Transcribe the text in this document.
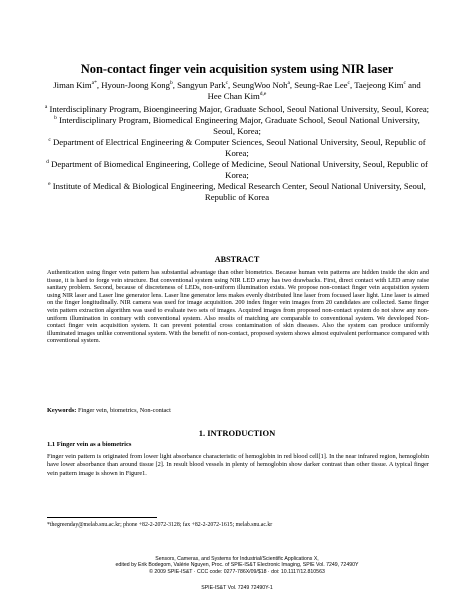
Non-contact finger vein acquisition system using NIR laser
Jiman Kim$^{a*}$, Hyoun-Joong Kong$^b$, Sangyun Park$^c$, SeungWoo Noh$^a$, Seung-Rae Lee$^c$, Taejeong Kim$^c$ and Hee Chan Kim$^{d,e}$

$^a$ Interdisciplinary Program, Bioengineering Major, Graduate School, Seoul National University, Seoul, Korea;

$^b$ Interdisciplinary Program, Biomedical Engineering Major, Graduate School, Seoul National University, Seoul, Korea;

$^c$ Department of Electrical Engineering & Computer Sciences, Seoul National University, Seoul, Republic of Korea;

$^d$ Department of Biomedical Engineering, College of Medicine, Seoul National University, Seoul, Republic of Korea;

$^e$ Institute of Medical & Biological Engineering, Medical Research Center, Seoul National University, Seoul, Republic of Korea

ABSTRACT
Authentication using finger vein pattern has substantial advantage than other biometrics. Because human vein patterns are hidden inside the skin and tissue, it is hard to forge vein structure. But conventional system using NIR LED array has two drawbacks. First, direct contact with LED array raise sanitary problem. Second, because of discreteness of LEDs, non-uniform illumination exists. We propose non-contact finger vein acquisition system using NIR laser and Laser line generator lens. Laser line generator lens makes evenly distributed line laser from focused laser light. Line laser is aimed on the finger longitudinally. NIR camera was used for image acquisition. 200 index finger vein images from 20 candidates are collected. Same finger vein pattern extraction algorithm was used to evaluate two sets of images. Acquired images from proposed non-contact system do not show any non-uniform illumination in contrary with conventional system. Also results of matching are comparable to conventional system. We developed Non-contact finger vein acquisition system. It can prevent potential cross contamination of skin diseases. Also the system can produce uniformly illuminated images unlike conventional system. With the benefit of non-contact, proposed system shows almost equivalent performance compared with conventional system.
Keywords: Finger vein, biometrics, Non-contact
1. INTRODUCTION
1.1 Finger vein as a biometrics
Finger vein pattern is originated from lower light absorbance characteristic of hemoglobin in red blood cell[1]. In the near infrared region, hemoglobin have lower absorbance than around tissue [2]. In result blood vessels in plenty of hemoglobin show darker contrast than other tissue. A typical finger vein pattern image is shown in Figure1.
*thegreenday@melab.snu.ac.kr; phone +82-2-2072-3128; fax +82-2-2072-1615; melab.snu.ac.kr

Sensors, Cameras, and Systems for Industrial/Scientific Applications X,

edited by Erik Bodegom, Valérie Nguyen, Proc. of SPIE-IS&T Electronic Imaging, SPIE Vol. 7249, 72490Y

© 2009 SPIE-IS&T · CCC code: 0277-786X/09/$18 · doi: 10.1117/12.810563

SPIE-IS&T Vol. 7249 72490Y-1
